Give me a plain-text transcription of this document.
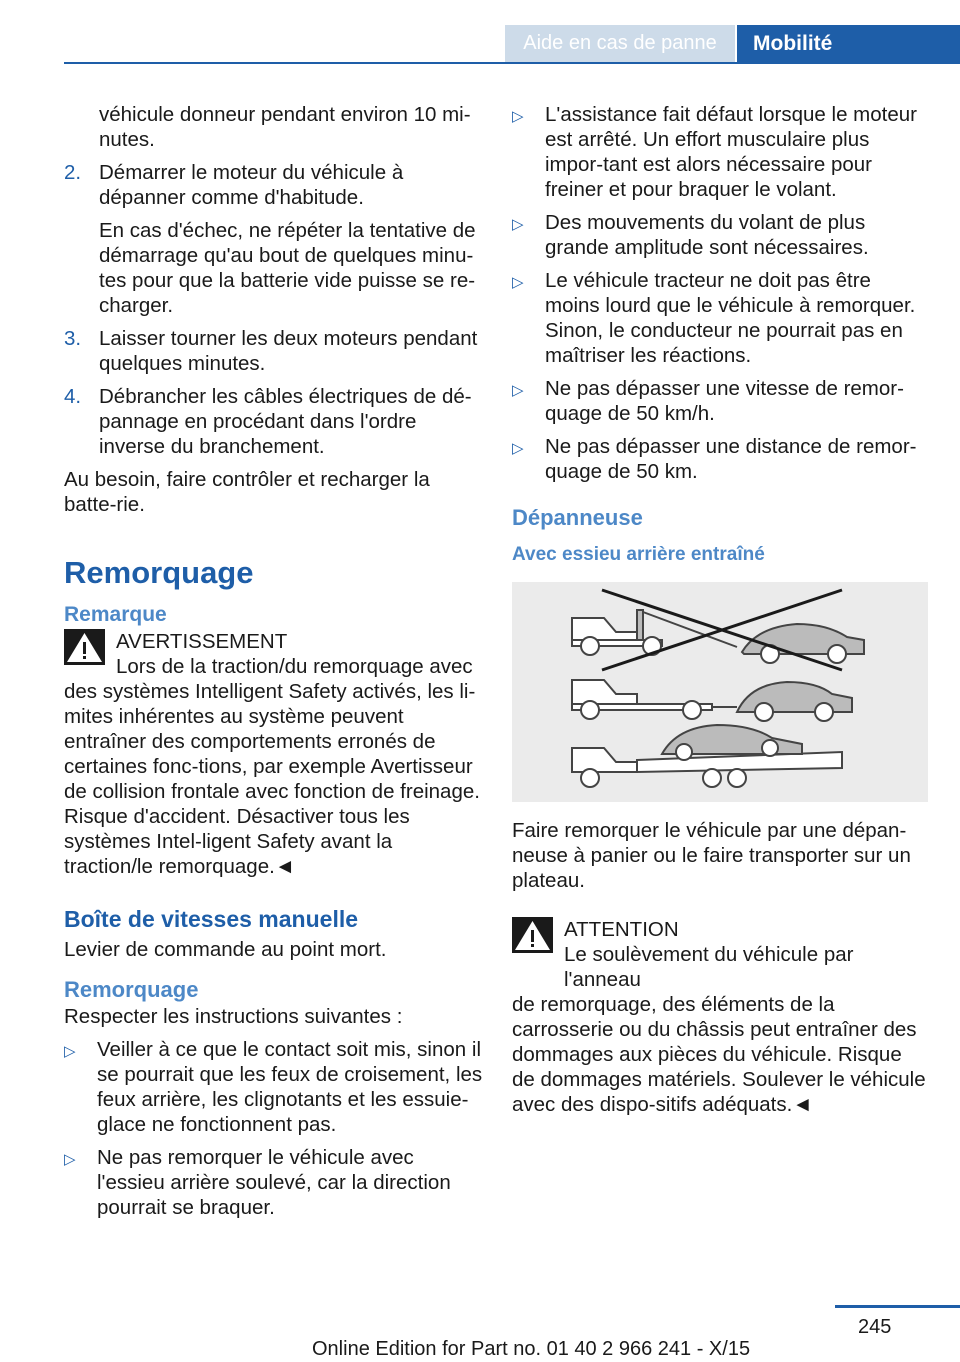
Aide en cas de panne	Mobilité

véhicule donneur pendant environ 10 mi-

nutes.

2. Démarrer le moteur du véhicule à dépanner comme d'habitude.

En cas d'échec, ne répéter la tentative de démarrage qu'au bout de quelques minu-tes pour que la batterie vide puisse se re-charger.

3. Laisser tourner les deux moteurs pendant quelques minutes.
4. Débrancher les câbles électriques de dé-pannage en procédant dans l'ordre inverse du branchement.

Au besoin, faire contrôler et recharger la batte-rie.

Remorquage
Remarque

AVERTISSEMENT

Lors de la traction/du remorquage avec

des systèmes Intelligent Safety activés, les li-mites inhérentes au système peuvent entraîner des comportements erronés de certaines fonc-tions, par exemple Avertisseur de collision frontale avec fonction de freinage. Risque d'accident. Désactiver tous les systèmes Intel-ligent Safety avant la traction/le remorquage.◄

Boîte de vitesses manuelle

Levier de commande au point mort.

Remorquage

Respecter les instructions suivantes :

▷	Veiller à ce que le contact soit mis, sinon il se pourrait que les feux de croisement, les feux arrière, les clignotants et les essuie-glace ne fonctionnent pas.
▷	Ne pas remorquer le véhicule avec l'essieu arrière soulevé, car la direction pourrait se braquer.
▷	L'assistance fait défaut lorsque le moteur est arrêté. Un effort musculaire plus impor-tant est alors nécessaire pour freiner et pour braquer le volant.
▷	Des mouvements du volant de plus grande amplitude sont nécessaires.
▷	Le véhicule tracteur ne doit pas être moins lourd que le véhicule à remorquer. Sinon, le conducteur ne pourrait pas en maîtriser les réactions.
▷	Ne pas dépasser une vitesse de remor-quage de 50 km/h.
▷	Ne pas dépasser une distance de remor-quage de 50 km.
Dépanneuse
Avec essieu arrière entraîné

Faire remorquer le véhicule par une dépan-neuse à panier ou le faire transporter sur un plateau.

ATTENTION

Le soulèvement du véhicule par l'anneau

de remorquage, des éléments de la carrosserie ou du châssis peut entraîner des dommages aux pièces du véhicule. Risque de dommages matériels. Soulever le véhicule avec des dispo-sitifs adéquats.◄

245
Online Edition for Part no. 01 40 2 966 241 - X/15
